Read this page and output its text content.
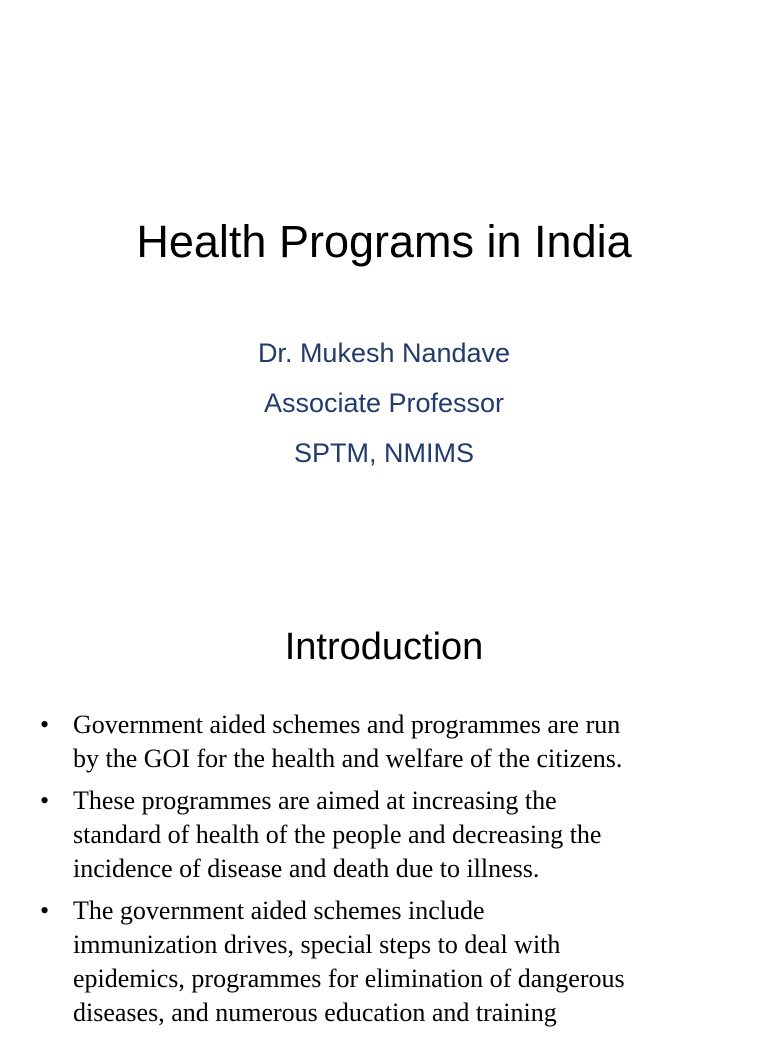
Health Programs in India
Dr. Mukesh Nandave
Associate Professor
SPTM, NMIMS
Introduction
• Government aided schemes and programmes are run
by the GOI for the health and welfare of the citizens.
• These programmes are aimed at increasing the
standard of health of the people and decreasing the
incidence of disease and death due to illness.
• The government aided schemes include
immunization drives, special steps to deal with
epidemics, programmes for elimination of dangerous
diseases, and numerous education and training
